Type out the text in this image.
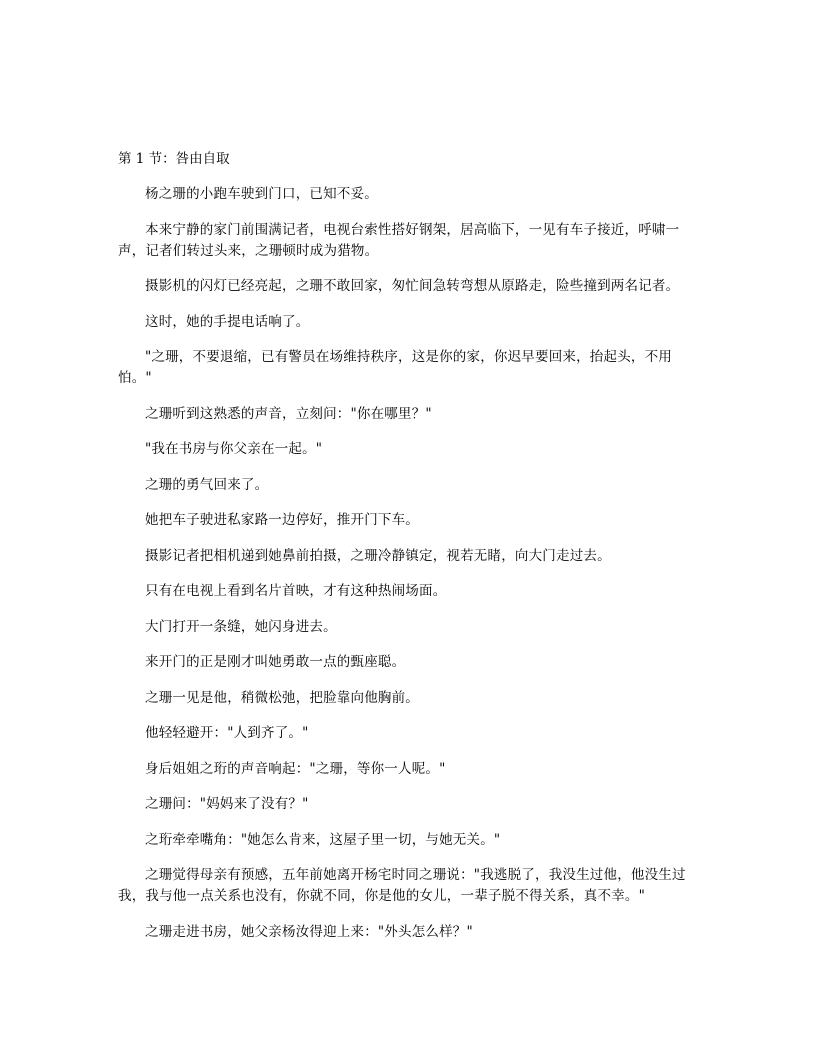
第 1 节：咎由自取

杨之珊的小跑车驶到门口，已知不妥。

本来宁静的家门前围满记者，电视台索性搭好钢架，居高临下，一见有车子接近，呼啸一声，记者们转过头来，之珊顿时成为猎物。

摄影机的闪灯已经亮起，之珊不敢回家，匆忙间急转弯想从原路走，险些撞到两名记者。

这时，她的手提电话响了。

"之珊，不要退缩，已有警员在场维持秩序，这是你的家，你迟早要回来，抬起头，不用怕。"

之珊听到这熟悉的声音，立刻问："你在哪里？"

"我在书房与你父亲在一起。"

之珊的勇气回来了。

她把车子驶进私家路一边停好，推开门下车。

摄影记者把相机递到她鼻前拍摄，之珊冷静镇定，视若无睹，向大门走过去。

只有在电视上看到名片首映，才有这种热闹场面。

大门打开一条缝，她闪身进去。

来开门的正是刚才叫她勇敢一点的甄座聪。

之珊一见是他，稍微松弛，把脸靠向他胸前。

他轻轻避开："人到齐了。"

身后姐姐之珩的声音响起："之珊，等你一人呢。"

之珊问："妈妈来了没有？"

之珩牵牵嘴角："她怎么肯来，这屋子里一切，与她无关。"

之珊觉得母亲有预感，五年前她离开杨宅时同之珊说："我逃脱了，我没生过他，他没生过我，我与他一点关系也没有，你就不同，你是他的女儿，一辈子脱不得关系，真不幸。"

之珊走进书房，她父亲杨汝得迎上来："外头怎么样？"
